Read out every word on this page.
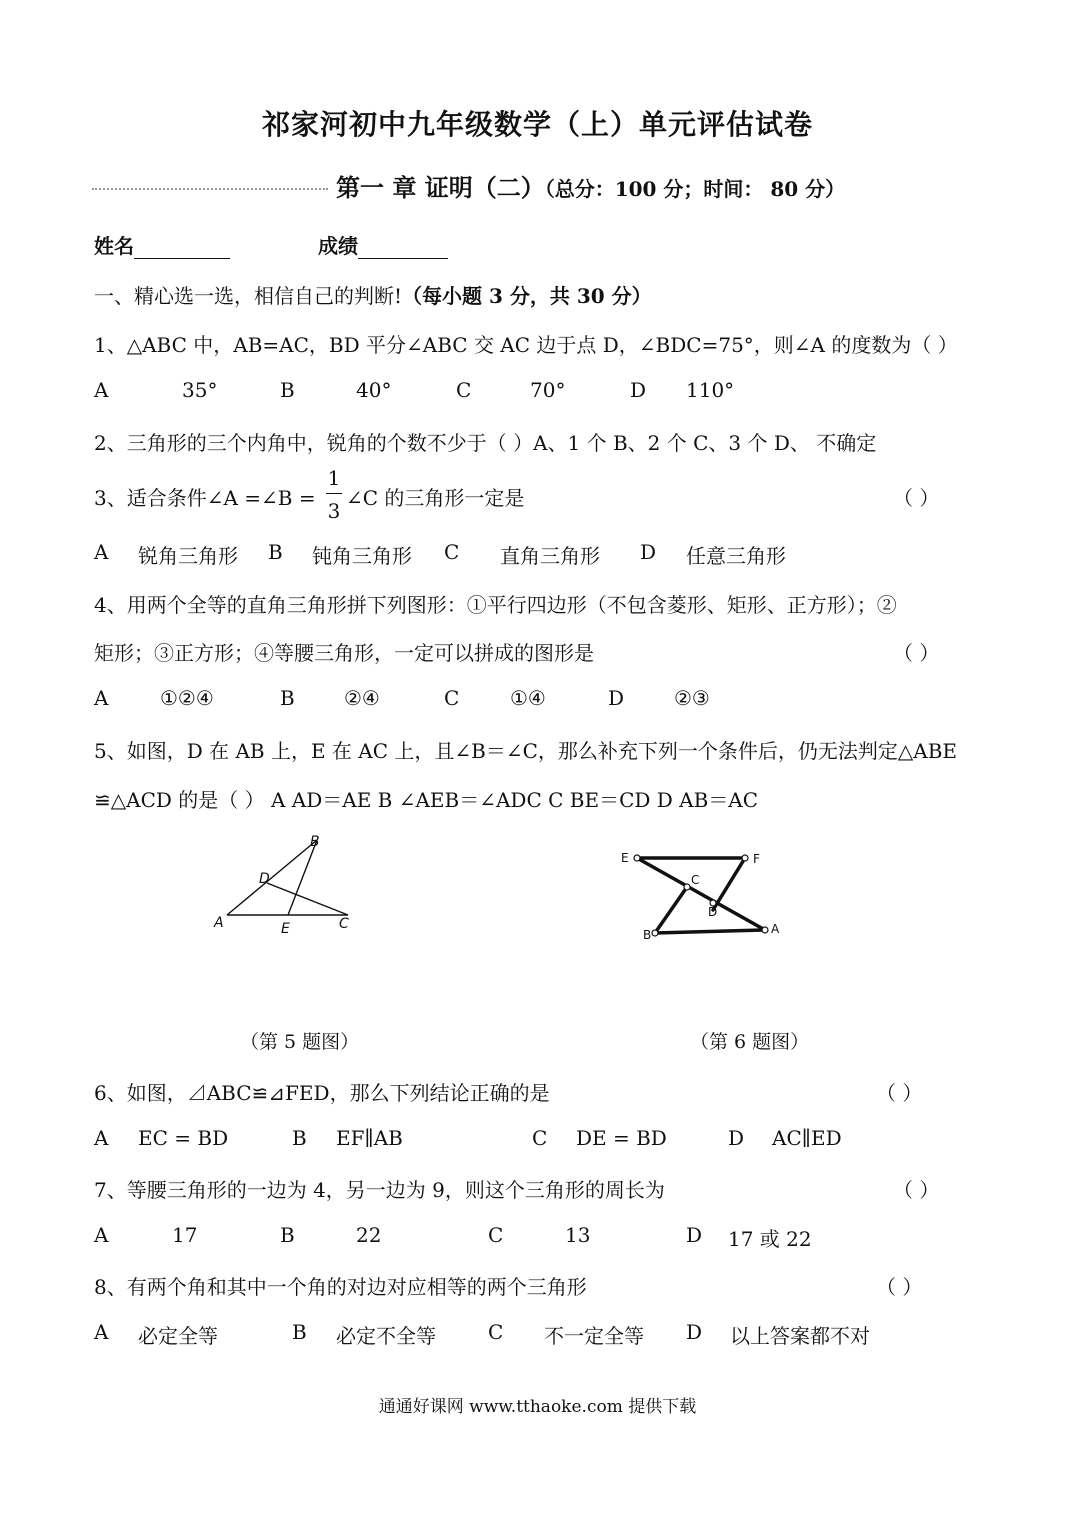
祁家河初中九年级数学（上）单元评估试卷
第一 章 证明（二）（总分：100 分；时间： 80 分）
姓名	成绩
一、精心选一选，相信自己的判断!（每小题 3 分，共 30 分）
1、△ABC 中，AB=AC，BD 平分∠ABC 交 AC 边于点 D，∠BDC=75°，则∠A 的度数为（ ）
A	35°	B	40°	C	70°	D 110°
2、三角形的三个内角中，锐角的个数不少于（ ）A、1 个 B、2 个 C、3 个 D、 不确定
3、适合条件∠A =∠B =
1
3
∠C 的三角形一定是	（ ）
A 锐角三角形 B 钝角三角形 C 直角三角形 D 任意三角形
4、用两个全等的直角三角形拼下列图形：①平行四边形（不包含菱形、矩形、正方形）；②
矩形；③正方形；④等腰三角形，一定可以拼成的图形是	（ ）
A	①②④	B ②④	C	①④	D ②③
5、如图，D 在 AB 上，E 在 AC 上，且∠B＝∠C，那么补充下列一个条件后，仍无法判定△ABE
≌△ACD 的是（ ） A AD＝AE B ∠AEB＝∠ADC C BE＝CD D AB＝AC
B
D
A	E	C
E	F
C
D
B	A
（第 5 题图）	（第 6 题图）
6、如图，⊿ABC≌⊿FED，那么下列结论正确的是	（ ）
A EC = BD	B EF∥AB	C DE = BD	D AC∥ED
7、等腰三角形的一边为 4，另一边为 9，则这个三角形的周长为	（ ）
A	17	B	22	C	13	D 17 或 22
8、有两个角和其中一个角的对边对应相等的两个三角形	（ ）
A 必定全等	B 必定不全等	C 不一定全等 D 以上答案都不对
通通好课网 www.tthaoke.com 提供下载
